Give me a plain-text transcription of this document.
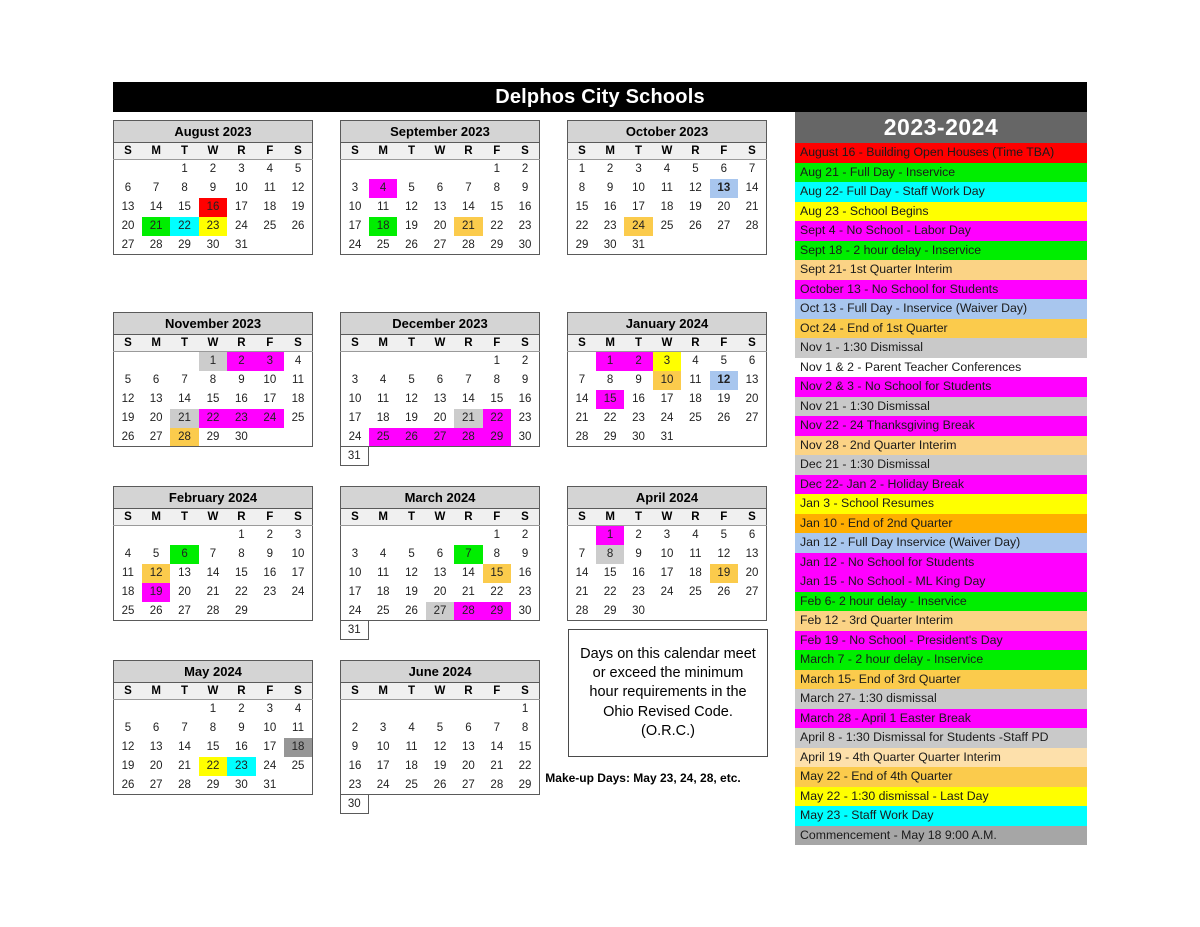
Delphos City Schools
August 2023
S	M	T	W	R	F	S
		1	2	3	4	5
6	7	8	9	10	11	12
13	14	15	16	17	18	19
20	21	22	23	24	25	26
27	28	29	30	31		
September 2023
S	M	T	W	R	F	S
					1	2
3	4	5	6	7	8	9
10	11	12	13	14	15	16
17	18	19	20	21	22	23
24	25	26	27	28	29	30
October 2023
S	M	T	W	R	F	S
1	2	3	4	5	6	7
8	9	10	11	12	13	14
15	16	17	18	19	20	21
22	23	24	25	26	27	28
29	30	31				
November 2023
S	M	T	W	R	F	S
			1	2	3	4
5	6	7	8	9	10	11
12	13	14	15	16	17	18
19	20	21	22	23	24	25
26	27	28	29	30		
December 2023
S	M	T	W	R	F	S
					1	2
3	4	5	6	7	8	9
10	11	12	13	14	15	16
17	18	19	20	21	22	23
24	25	26	27	28	29	30
31
January 2024
S	M	T	W	R	F	S
	1	2	3	4	5	6
7	8	9	10	11	12	13
14	15	16	17	18	19	20
21	22	23	24	25	26	27
28	29	30	31			
February 2024
S	M	T	W	R	F	S
				1	2	3
4	5	6	7	8	9	10
11	12	13	14	15	16	17
18	19	20	21	22	23	24
25	26	27	28	29		
March 2024
S	M	T	W	R	F	S
					1	2
3	4	5	6	7	8	9
10	11	12	13	14	15	16
17	18	19	20	21	22	23
24	25	26	27	28	29	30
31
April 2024
S	M	T	W	R	F	S
	1	2	3	4	5	6
7	8	9	10	11	12	13
14	15	16	17	18	19	20
21	22	23	24	25	26	27
28	29	30				
May 2024
S	M	T	W	R	F	S
			1	2	3	4
5	6	7	8	9	10	11
12	13	14	15	16	17	18
19	20	21	22	23	24	25
26	27	28	29	30	31	
June 2024
S	M	T	W	R	F	S
						1
2	3	4	5	6	7	8
9	10	11	12	13	14	15
16	17	18	19	20	21	22
23	24	25	26	27	28	29
30
Days on this calendar meet or exceed the minimum hour requirements in the Ohio Revised Code. (O.R.C.)
Make-up Days: May 23, 24, 28, etc.
2023-2024
August 16 - Building Open Houses (Time TBA)
Aug 21 - Full Day - Inservice
Aug 22- Full Day - Staff Work Day
Aug 23 - School Begins
Sept 4 - No School - Labor Day
Sept 18 - 2 hour delay - Inservice
Sept 21- 1st Quarter Interim
October 13 - No School for Students
Oct 13 - Full Day - Inservice (Waiver Day)
Oct 24 - End of 1st Quarter
Nov 1 - 1:30 Dismissal
Nov 1 & 2 - Parent Teacher Conferences
Nov 2 & 3 - No School for Students
Nov 21 - 1:30 Dismissal
Nov 22 - 24 Thanksgiving Break
Nov 28 - 2nd Quarter Interim
Dec 21 - 1:30 Dismissal
Dec 22- Jan 2 - Holiday Break
Jan 3 - School Resumes
Jan 10 - End of 2nd Quarter
Jan 12 - Full Day Inservice (Waiver Day)
Jan 12 - No School for Students
Jan 15 - No School - ML King Day
Feb 6- 2 hour delay - Inservice
Feb 12 - 3rd Quarter Interim
Feb 19 - No School - President's Day
March 7 - 2 hour delay - Inservice
March 15- End of 3rd Quarter
March 27- 1:30 dismissal
March 28 - April 1 Easter Break
April 8 - 1:30 Dismissal for Students -Staff PD
April 19 - 4th Quarter Quarter Interim
May 22 - End of 4th Quarter
May 22 - 1:30 dismissal - Last Day
May 23 - Staff Work Day
Commencement - May 18 9:00 A.M.
